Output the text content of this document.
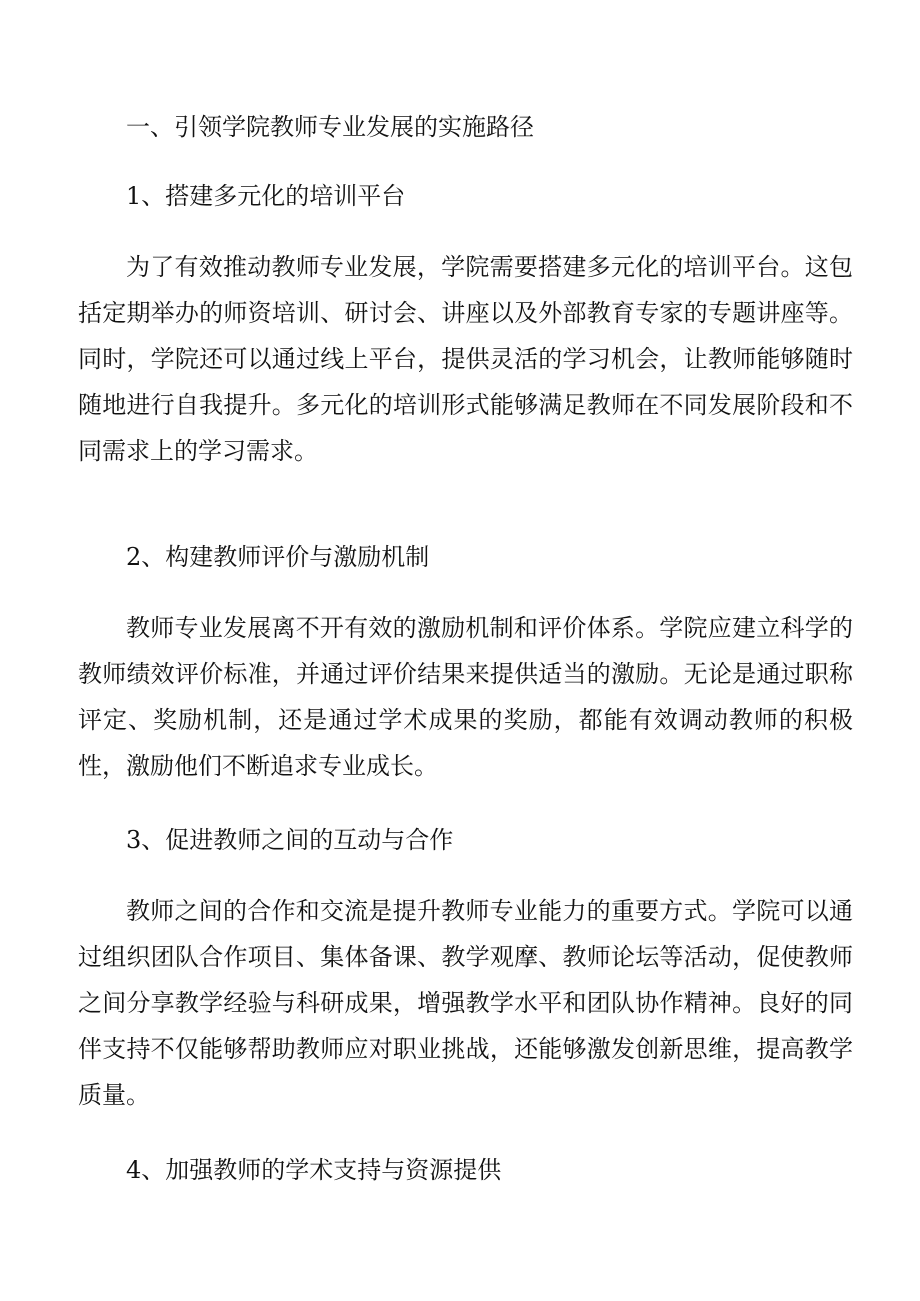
一、引领学院教师专业发展的实施路径
1、搭建多元化的培训平台
为了有效推动教师专业发展，学院需要搭建多元化的培训平台。这包括定期举办的师资培训、研讨会、讲座以及外部教育专家的专题讲座等。同时，学院还可以通过线上平台，提供灵活的学习机会，让教师能够随时随地进行自我提升。多元化的培训形式能够满足教师在不同发展阶段和不同需求上的学习需求。
2、构建教师评价与激励机制
教师专业发展离不开有效的激励机制和评价体系。学院应建立科学的教师绩效评价标准，并通过评价结果来提供适当的激励。无论是通过职称评定、奖励机制，还是通过学术成果的奖励，都能有效调动教师的积极性，激励他们不断追求专业成长。
3、促进教师之间的互动与合作
教师之间的合作和交流是提升教师专业能力的重要方式。学院可以通过组织团队合作项目、集体备课、教学观摩、教师论坛等活动，促使教师之间分享教学经验与科研成果，增强教学水平和团队协作精神。良好的同伴支持不仅能够帮助教师应对职业挑战，还能够激发创新思维，提高教学质量。
4、加强教师的学术支持与资源提供
